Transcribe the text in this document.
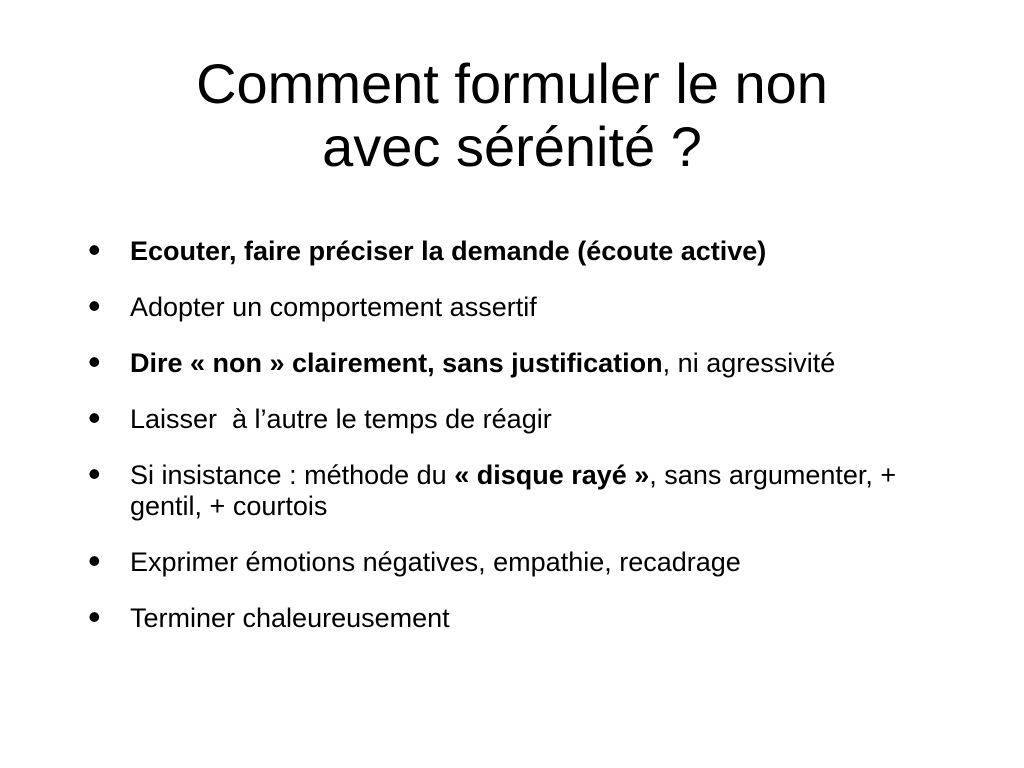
Comment formuler le non
avec sérénité ?
• Ecouter, faire préciser la demande (écoute active)
• Adopter un comportement assertif
• Dire « non » clairement, sans justification, ni agressivité
• Laisser  à l’autre le temps de réagir
• Si insistance : méthode du « disque rayé », sans argumenter, + gentil, + courtois
• Exprimer émotions négatives, empathie, recadrage
• Terminer chaleureusement
